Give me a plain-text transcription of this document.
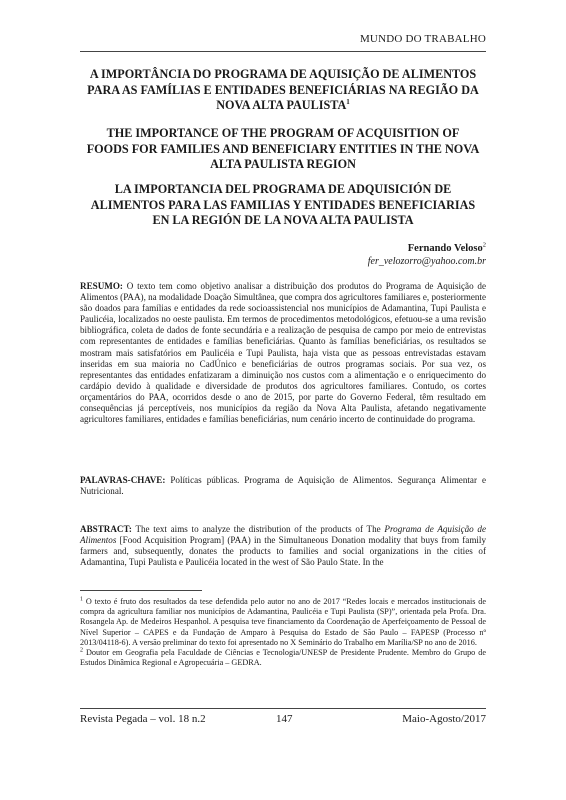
MUNDO DO TRABALHO
A IMPORTÂNCIA DO PROGRAMA DE AQUISIÇÃO DE ALIMENTOS PARA AS FAMÍLIAS E ENTIDADES BENEFICIÁRIAS NA REGIÃO DA NOVA ALTA PAULISTA$^1$
THE IMPORTANCE OF THE PROGRAM OF ACQUISITION OF FOODS FOR FAMILIES AND BENEFICIARY ENTITIES IN THE NOVA ALTA PAULISTA REGION
LA IMPORTANCIA DEL PROGRAMA DE ADQUISICIÓN DE ALIMENTOS PARA LAS FAMILIAS Y ENTIDADES BENEFICIARIAS EN LA REGIÓN DE LA NOVA ALTA PAULISTA
Fernando Veloso$^2$
fer_velozorro@yahoo.com.br

RESUMO: O texto tem como objetivo analisar a distribuição dos produtos do Programa de Aquisição de Alimentos (PAA), na modalidade Doação Simultânea, que compra dos agricultores familiares e, posteriormente são doados para famílias e entidades da rede socioassistencial nos municípios de Adamantina, Tupi Paulista e Paulicéia, localizados no oeste paulista. Em termos de procedimentos metodológicos, efetuou-se a uma revisão bibliográfica, coleta de dados de fonte secundária e a realização de pesquisa de campo por meio de entrevistas com representantes de entidades e famílias beneficiárias. Quanto às famílias beneficiárias, os resultados se mostram mais satisfatórios em Paulicéia e Tupi Paulista, haja vista que as pessoas entrevistadas estavam inseridas em sua maioria no CadÚnico e beneficiárias de outros programas sociais. Por sua vez, os representantes das entidades enfatizaram a diminuição nos custos com a alimentação e o enriquecimento do cardápio devido à qualidade e diversidade de produtos dos agricultores familiares. Contudo, os cortes orçamentários do PAA, ocorridos desde o ano de 2015, por parte do Governo Federal, têm resultado em consequências já perceptíveis, nos municípios da região da Nova Alta Paulista, afetando negativamente agricultores familiares, entidades e famílias beneficiárias, num cenário incerto de continuidade do programa.

PALAVRAS-CHAVE: Políticas públicas. Programa de Aquisição de Alimentos. Segurança Alimentar e Nutricional.

ABSTRACT: The text aims to analyze the distribution of the products of The Programa de Aquisição de Alimentos [Food Acquisition Program] (PAA) in the Simultaneous Donation modality that buys from family farmers and, subsequently, donates the products to families and social organizations in the cities of Adamantina, Tupi Paulista e Paulicéia located in the west of São Paulo State. In the

$^1$ O texto é fruto dos resultados da tese defendida pelo autor no ano de 2017 “Redes locais e mercados institucionais de compra da agricultura familiar nos municípios de Adamantina, Paulicéia e Tupi Paulista (SP)”, orientada pela Profa. Dra. Rosangela Ap. de Medeiros Hespanhol. A pesquisa teve financiamento da Coordenação de Aperfeiçoamento de Pessoal de Nível Superior – CAPES e da Fundação de Amparo à Pesquisa do Estado de São Paulo – FAPESP (Processo nº 2013/04118-6). A versão preliminar do texto foi apresentado no X Seminário do Trabalho em Marília/SP no ano de 2016.

$^2$ Doutor em Geografia pela Faculdade de Ciências e Tecnologia/UNESP de Presidente Prudente. Membro do Grupo de Estudos Dinâmica Regional e Agropecuária – GEDRA.

Revista Pegada – vol. 18 n.2	147	Maio-Agosto/2017
